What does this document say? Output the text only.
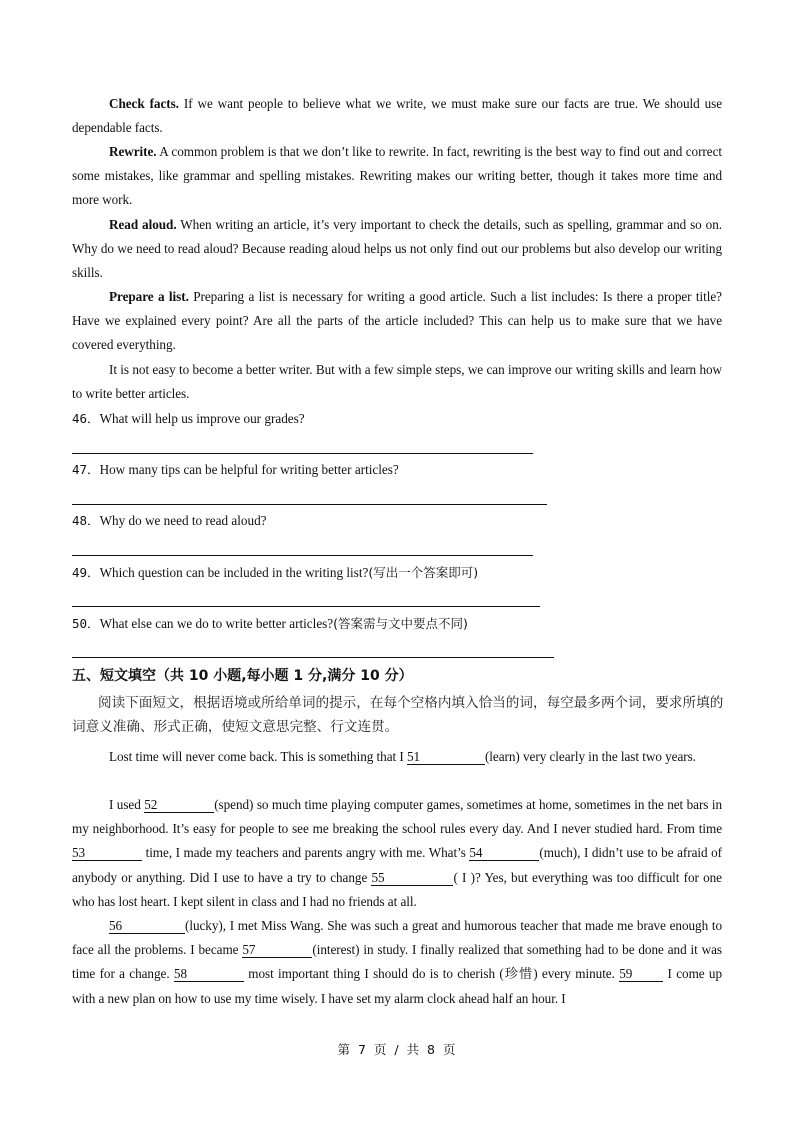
Check facts. If we want people to believe what we write, we must make sure our facts are true. We should use dependable facts.
Rewrite. A common problem is that we don’t like to rewrite. In fact, rewriting is the best way to find out and correct some mistakes, like grammar and spelling mistakes. Rewriting makes our writing better, though it takes more time and more work.
Read aloud. When writing an article, it’s very important to check the details, such as spelling, grammar and so on. Why do we need to read aloud? Because reading aloud helps us not only find out our problems but also develop our writing skills.
Prepare a list. Preparing a list is necessary for writing a good article. Such a list includes: Is there a proper title? Have we explained every point? Are all the parts of the article included? This can help us to make sure that we have covered everything.
It is not easy to become a better writer. But with a few simple steps, we can improve our writing skills and learn how to write better articles.
46．What will help us improve our grades?
47．How many tips can be helpful for writing better articles?
48．Why do we need to read aloud?
49．Which question can be included in the writing list?(写出一个答案即可)
50．What else can we do to write better articles?(答案需与文中要点不同)
五、短文填空（共 10 小题,每小题 1 分,满分 10 分）
阅读下面短文，根据语境或所给单词的提示，在每个空格内填入恰当的词，每空最多两个词，要求所填的词意义准确、形式正确，使短文意思完整、行文连贯。
Lost time will never come back. This is something that I 51	(learn) very clearly in the last two years.
I used 52	(spend) so much time playing computer games, sometimes at home, sometimes in the net bars in my neighborhood. It’s easy for people to see me breaking the school rules every day. And I never studied hard. From time 53	time, I made my teachers and parents angry with me. What’s 54	(much), I didn’t use to be afraid of anybody or anything. Did I use to have a try to change 55	( I )? Yes, but everything was too difficult for one who has lost heart. I kept silent in class and I had no friends at all.
56	(lucky), I met Miss Wang. She was such a great and humorous teacher that made me brave enough to face all the problems. I became 57	(interest) in study. I finally realized that something had to be done and it was time for a change. 58	most important thing I should do is to cherish (珍惜) every minute. 59 I come up with a new plan on how to use my time wisely. I have set my alarm clock ahead half an hour. I
第 7 页 / 共 8 页
